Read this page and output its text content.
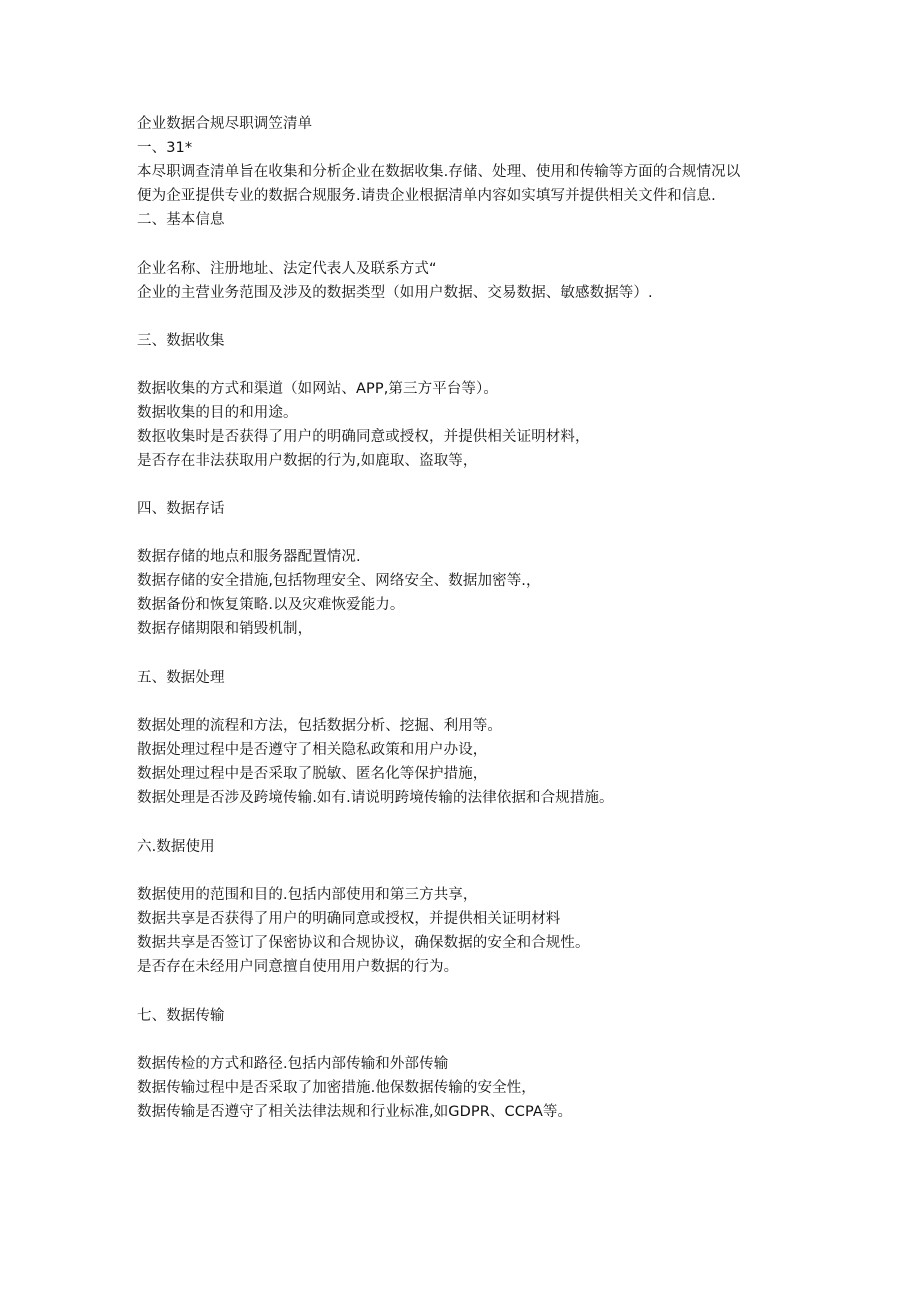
企业数据合规尽职调笠清单
一、31*
本尽职调查清单旨在收集和分析企业在数据收集.存储、处理、使用和传输等方面的合规情况以
便为企亚提供专业的数据合规服务.请贵企业根据清单内容如实填写并提供相关文件和信息.
二、基本信息
企业名称、注册地址、法定代表人及联系方式“
企业的主营业务范围及涉及的数据类型（如用户数据、交易数据、敏感数据等）.
三、数据收集
数据收集的方式和渠道（如网站、APP,第三方平台等）。
数据收集的目的和用途。
数抠收集时是否获得了用户的明确同意或授权，并提供相关证明材料，
是否存在非法获取用户数据的行为,如鹿取、盗取等，
四、数据存话
数据存储的地点和服务器配置情况.
数据存储的安全措施,包括物理安全、网络安全、数据加密等.，
数据备份和恢复策略.以及灾难恢爱能力。
数据存储期限和销毁机制，
五、数据处理
数据处理的流程和方法，包括数据分析、挖掘、利用等。
散据处理过程中是否遵守了相关隐私政策和用户办设，
数据处理过程中是否采取了脱敏、匿名化等保护措施，
数据处理是否涉及跨境传输.如有.请说明跨境传输的法律依据和合规措施。
六.数据使用
数据使用的范围和目的.包括内部使用和第三方共享，
数据共享是否获得了用户的明确同意或授权，并提供相关证明材料
数据共享是否签订了保密协议和合规协议，确保数据的安全和合规性。
是否存在未经用户同意擅自使用用户数据的行为。
七、数据传输
数据传检的方式和路径.包括内部传输和外部传输
数据传输过程中是否采取了加密措施.他保数据传输的安全性，
数据传输是否遵守了相关法律法规和行业标准,如GDPR、CCPA等。
